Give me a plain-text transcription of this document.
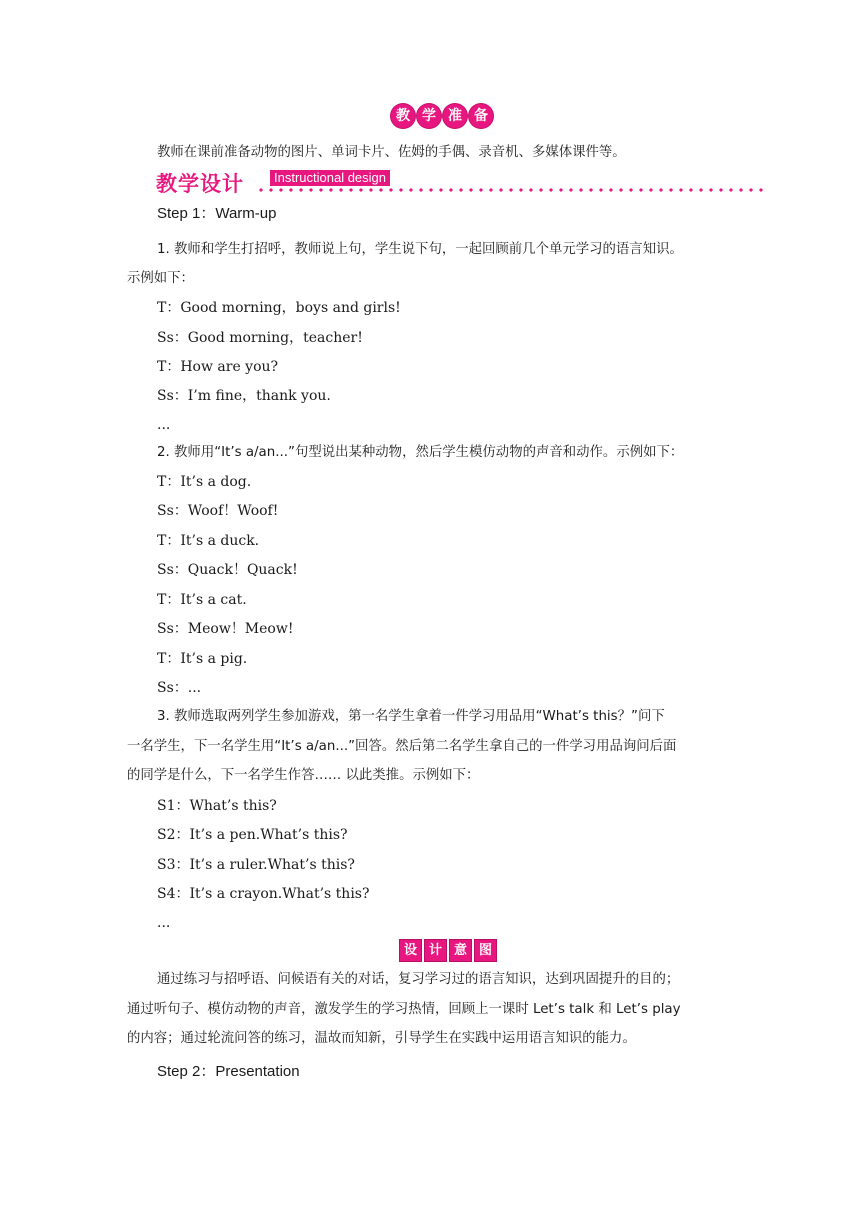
教 学 准 备
教师在课前准备动物的图片、单词卡片、佐姆的手偶、录音机、多媒体课件等。
教学设计	Instructional design
Step 1：Warm-up
1. 教师和学生打招呼，教师说上句，学生说下句，一起回顾前几个单元学习的语言知识。
示例如下：
T：Good morning，boys and girls!
Ss：Good morning，teacher!
T：How are you?
Ss：I’m fine，thank you.
...
2. 教师用“It’s a/an...”句型说出某种动物，然后学生模仿动物的声音和动作。示例如下：
T：It’s a dog.
Ss：Woof！Woof!
T：It’s a duck.
Ss：Quack！Quack!
T：It’s a cat.
Ss：Meow！Meow!
T：It’s a pig.
Ss：...
3. 教师选取两列学生参加游戏，第一名学生拿着一件学习用品用“What’s this？”问下
一名学生，下一名学生用“It’s a/an...”回答。然后第二名学生拿自己的一件学习用品询问后面
的同学是什么，下一名学生作答…… 以此类推。示例如下：
S1：What’s this?
S2：It’s a pen.What’s this?
S3：It’s a ruler.What’s this?
S4：It’s a crayon.What’s this?
...
设 计 意 图
通过练习与招呼语、问候语有关的对话，复习学习过的语言知识，达到巩固提升的目的；
通过听句子、模仿动物的声音，激发学生的学习热情，回顾上一课时 Let’s talk 和 Let’s play
的内容；通过轮流问答的练习，温故而知新，引导学生在实践中运用语言知识的能力。
Step 2：Presentation
